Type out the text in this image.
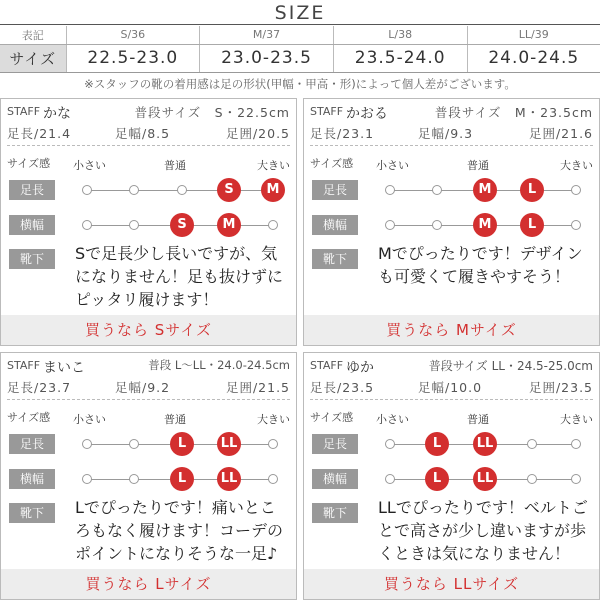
SIZE
表記	S/36	M/37	L/38	LL/39
サイズ	22.5-23.0	23.0-23.5	23.5-24.0	24.0-24.5
※スタッフの靴の着用感は足の形状(甲幅・甲高・形)によって個人差がございます。
STAFF かな	普段サイズ　S・22.5cm
足長/21.4	足幅/8.5	足囲/20.5
サイズ感 小さい	普通	大きい
足長	S	M
横幅	S	M
靴下	Sで足長少し長いですが、気になりません！足も抜けずにピッタリ履けます！
買うなら Sサイズ
STAFF かおる	普段サイズ　M・23.5cm
足長/23.1	足幅/9.3	足囲/21.6
サイズ感 小さい	普通	大きい
足長	M	L
横幅	M	L
靴下	Mでぴったりです！デザインも可愛くて履きやすそう！
買うなら Mサイズ
STAFF まいこ	普段 L〜LL・24.0-24.5cm
足長/23.7	足幅/9.2	足囲/21.5
サイズ感 小さい	普通	大きい
足長	L	LL
横幅	L	LL
靴下	Lでぴったりです！痛いところもなく履けます！コーデのポイントになりそうな一足♪
買うなら Lサイズ
STAFF ゆか	普段サイズ LL・24.5-25.0cm
足長/23.5	足幅/10.0	足囲/23.5
サイズ感 小さい	普通	大きい
足長	L	LL
横幅	L	LL
靴下	LLでぴったりです！ベルトごとで高さが少し違いますが歩くときは気になりません！
買うなら LLサイズ
